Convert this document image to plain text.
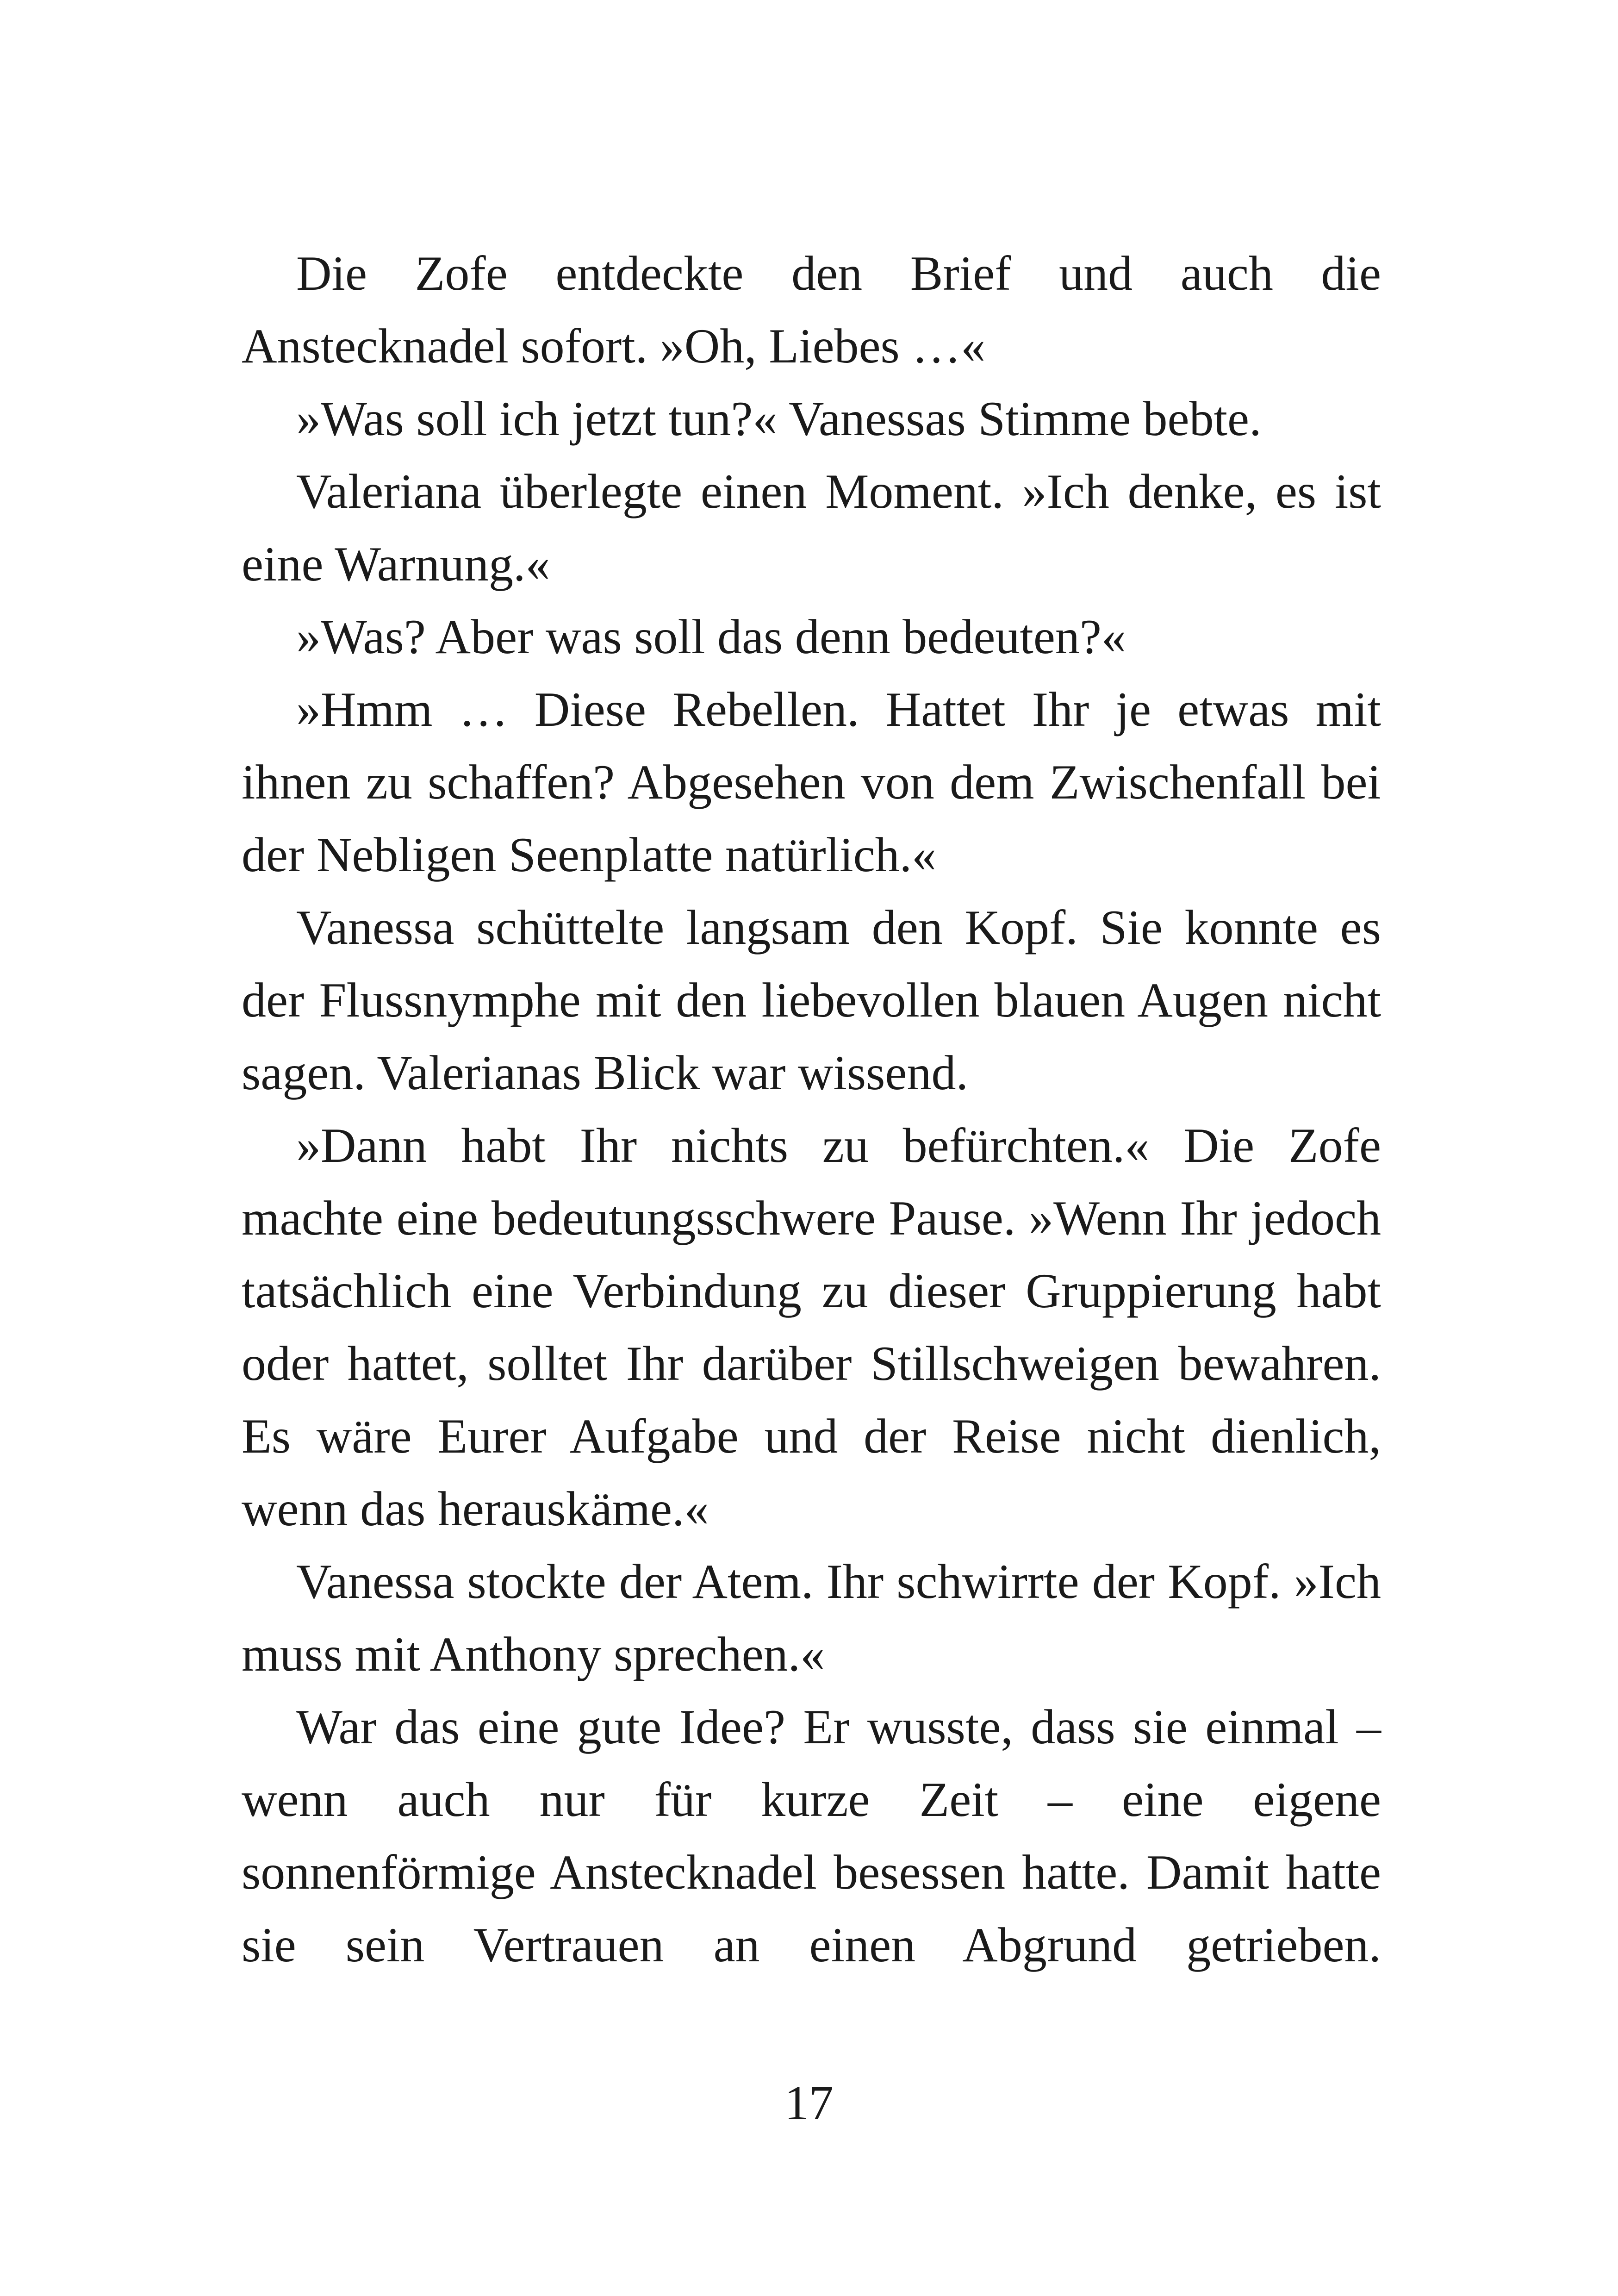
Die Zofe entdeckte den Brief und auch die Anstecknadel sofort. »Oh, Liebes …«

»Was soll ich jetzt tun?« Vanessas Stimme bebte.

Valeriana überlegte einen Moment. »Ich denke, es ist eine Warnung.«

»Was? Aber was soll das denn bedeuten?«

»Hmm … Diese Rebellen. Hattet Ihr je etwas mit ihnen zu schaffen? Abgesehen von dem Zwischenfall bei der Nebligen Seenplatte natürlich.«

Vanessa schüttelte langsam den Kopf. Sie konnte es der Flussnymphe mit den liebevollen blauen Augen nicht sagen. Valerianas Blick war wissend.

»Dann habt Ihr nichts zu befürchten.« Die Zofe machte eine bedeutungsschwere Pause. »Wenn Ihr jedoch tatsächlich eine Verbindung zu dieser Gruppierung habt oder hattet, solltet Ihr darüber Stillschweigen bewahren. Es wäre Eurer Aufgabe und der Reise nicht dienlich, wenn das herauskäme.«

Vanessa stockte der Atem. Ihr schwirrte der Kopf. »Ich muss mit Anthony sprechen.«

War das eine gute Idee? Er wusste, dass sie einmal – wenn auch nur für kurze Zeit – eine eigene sonnenförmige Anstecknadel besessen hatte. Damit hatte sie sein Vertrauen an einen Abgrund getrieben.

17
